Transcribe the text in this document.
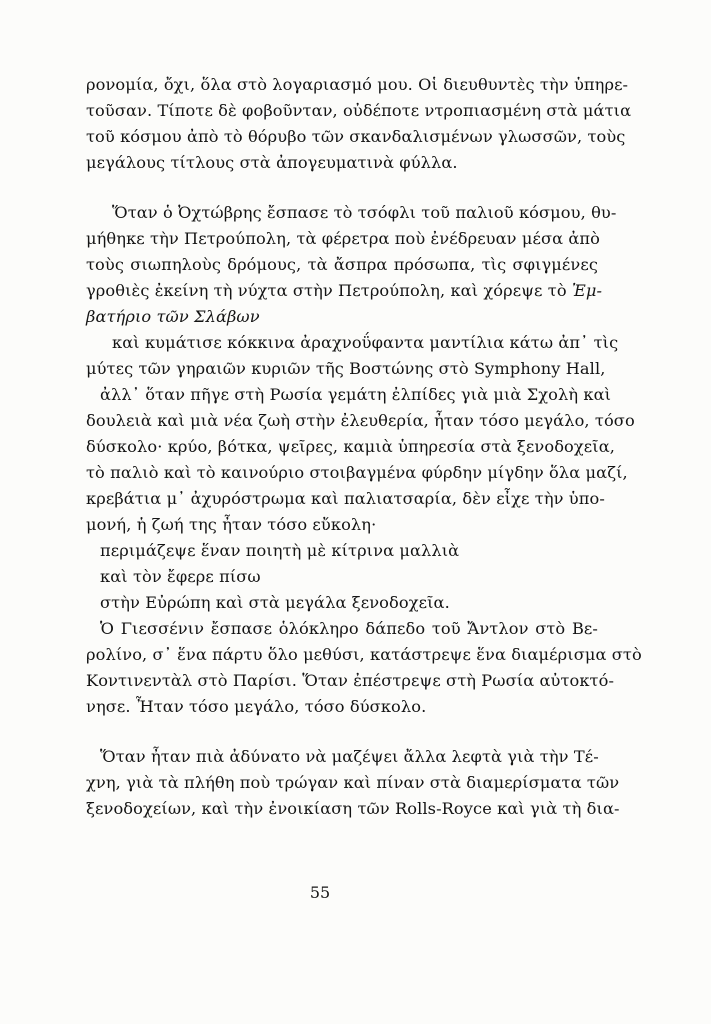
ρονομία, ὄχι, ὅλα στὸ λογαριασμό μου. Οἱ διευθυντὲς τὴν ὑπηρε-
τοῦσαν. Τίποτε δὲ φοβοῦνταν, οὐδέποτε ντροπιασμένη στὰ μάτια
τοῦ κόσμου ἀπὸ τὸ θόρυβο τῶν σκανδαλισμένων γλωσσῶν, τοὺς
μεγάλους τίτλους στὰ ἀπογευματινὰ φύλλα.
Ὅταν ὁ Ὀχτώβρης ἔσπασε τὸ τσόφλι τοῦ παλιοῦ κόσμου, θυ-
μήθηκε τὴν Πετρούπολη, τὰ φέρετρα ποὺ ἐνέδρευαν μέσα ἀπὸ
τοὺς σιωπηλοὺς δρόμους, τὰ ἄσπρα πρόσωπα, τὶς σφιγμένες
γροθιὲς ἐκείνη τὴ νύχτα στὴν Πετρούπολη, καὶ χόρεψε τὸ Ἐμ-
βατήριο τῶν Σλάβων
καὶ κυμάτισε κόκκινα ἀραχνοΰφαντα μαντίλια κάτω ἀπ᾽ τὶς
μύτες τῶν γηραιῶν κυριῶν τῆς Βοστώνης στὸ Symphony Hall,
ἀλλ᾽ ὅταν πῆγε στὴ Ρωσία γεμάτη ἐλπίδες γιὰ μιὰ Σχολὴ καὶ
δουλειὰ καὶ μιὰ νέα ζωὴ στὴν ἐλευθερία, ἦταν τόσο μεγάλο, τόσο
δύσκολο· κρύο, βότκα, ψεῖρες, καμιὰ ὑπηρεσία στὰ ξενοδοχεῖα,
τὸ παλιὸ καὶ τὸ καινούριο στοιβαγμένα φύρδην μίγδην ὅλα μαζί,
κρεβάτια μ᾽ ἀχυρόστρωμα καὶ παλιατσαρία, δὲν εἶχε τὴν ὑπο-
μονή, ἡ ζωή της ἦταν τόσο εὔκολη·
περιμάζεψε ἕναν ποιητὴ μὲ κίτρινα μαλλιὰ
καὶ τὸν ἔφερε πίσω
στὴν Εὐρώπη καὶ στὰ μεγάλα ξενοδοχεῖα.
Ὁ Γιεσσένιν ἔσπασε ὁλόκληρο δάπεδο τοῦ Ἄντλον στὸ Βε-
ρολίνο, σ᾽ ἕνα πάρτυ ὅλο μεθύσι, κατάστρεψε ἕνα διαμέρισμα στὸ
Κοντινεντὰλ στὸ Παρίσι. Ὅταν ἐπέστρεψε στὴ Ρωσία αὐτοκτό-
νησε. Ἦταν τόσο μεγάλο, τόσο δύσκολο.
Ὅταν ἦταν πιὰ ἀδύνατο νὰ μαζέψει ἄλλα λεφτὰ γιὰ τὴν Τέ-
χνη, γιὰ τὰ πλήθη ποὺ τρώγαν καὶ πίναν στὰ διαμερίσματα τῶν
ξενοδοχείων, καὶ τὴν ἐνοικίαση τῶν Rolls-Royce καὶ γιὰ τὴ δια-
55
